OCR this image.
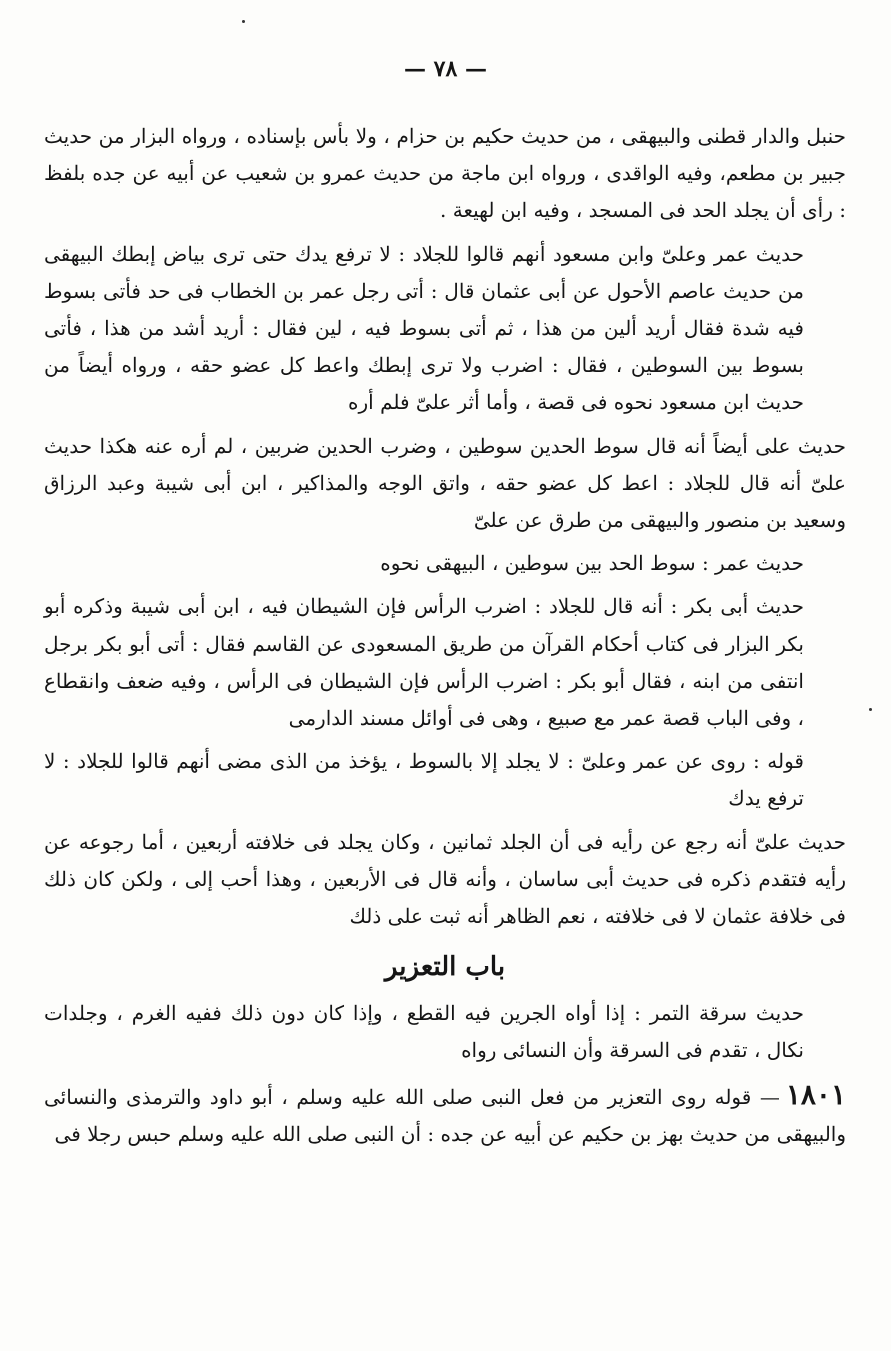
— ٧٨ —

حنبل والدار قطنى والبيهقى ، من حديث حكيم بن حزام ، ولا بأس بإسناده ، ورواه البزار من حديث جبير بن مطعم، وفيه الواقدى ، ورواه ابن ماجة من حديث عمرو بن شعيب عن أبيه عن جده بلفظ : رأى أن يجلد الحد فى المسجد ، وفيه ابن لهيعة .

حديث عمر وعلىّ وابن مسعود أنهم قالوا للجلاد : لا ترفع يدك حتى ترى بياض إبطك البيهقى من حديث عاصم الأحول عن أبى عثمان قال : أتى رجل عمر بن الخطاب فى حد فأتى بسوط فيه شدة فقال أريد ألين من هذا ، ثم أتى بسوط فيه ، لين فقال : أريد أشد من هذا ، فأتى بسوط بين السوطين ، فقال : اضرب ولا ترى إبطك واعط كل عضو حقه ، ورواه أيضاً من حديث ابن مسعود نحوه فى قصة ، وأما أثر علىّ فلم أره

حديث على أيضاً أنه قال سوط الحدين سوطين ، وضرب الحدين ضربين ، لم أره عنه هكذا حديث علىّ أنه قال للجلاد : اعط كل عضو حقه ، واتق الوجه والمذاكير ، ابن أبى شيبة وعبد الرزاق وسعيد بن منصور والبيهقى من طرق عن علىّ

حديث عمر : سوط الحد بين سوطين ، البيهقى نحوه

حديث أبى بكر : أنه قال للجلاد : اضرب الرأس فإن الشيطان فيه ، ابن أبى شيبة وذكره أبو بكر البزار فى كتاب أحكام القرآن من طريق المسعودى عن القاسم فقال : أتى أبو بكر برجل انتفى من ابنه ، فقال أبو بكر : اضرب الرأس فإن الشيطان فى الرأس ، وفيه ضعف وانقطاع ، وفى الباب قصة عمر مع صبيع ، وهى فى أوائل مسند الدارمى

قوله : روى عن عمر وعلىّ : لا يجلد إلا بالسوط ، يؤخذ من الذى مضى أنهم قالوا للجلاد : لا ترفع يدك

حديث علىّ أنه رجع عن رأيه فى أن الجلد ثمانين ، وكان يجلد فى خلافته أربعين ، أما رجوعه عن رأيه فتقدم ذكره فى حديث أبى ساسان ، وأنه قال فى الأربعين ، وهذا أحب إلى ، ولكن كان ذلك فى خلافة عثمان لا فى خلافته ، نعم الظاهر أنه ثبت على ذلك

باب التعزير

حديث سرقة التمر : إذا أواه الجرين فيه القطع ، وإذا كان دون ذلك ففيه الغرم ، وجلدات نكال ، تقدم فى السرقة وأن النسائى رواه

١٨٠١— قوله روى التعزير من فعل النبى صلى الله عليه وسلم ، أبو داود والترمذى والنسائى والبيهقى من حديث بهز بن حكيم عن أبيه عن جده : أن النبى صلى الله عليه وسلم حبس رجلا فى
